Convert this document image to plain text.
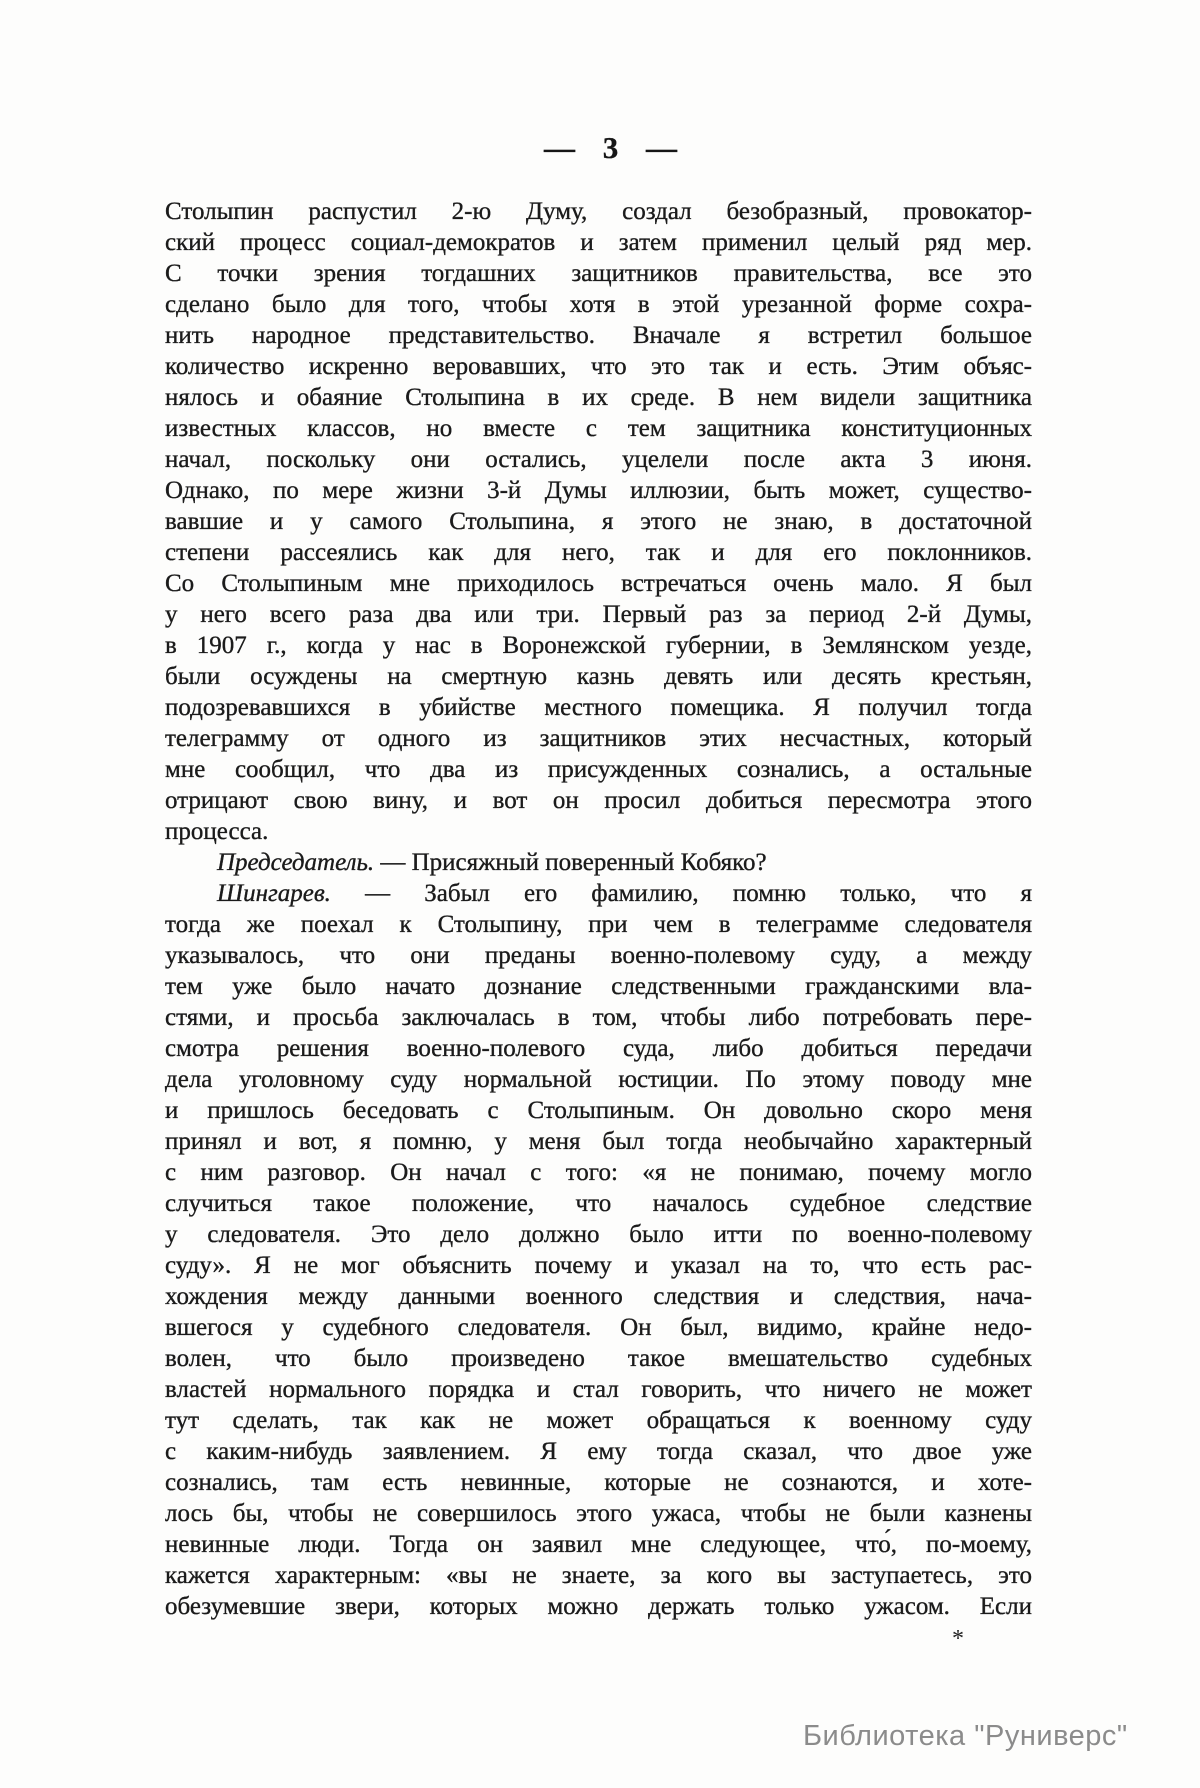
— 3 —
Столыпин распустил 2-ю Думу, создал безобразный, провокатор-
ский процесс социал-демократов и затем применил целый ряд мер.
С точки зрения тогдашних защитников правительства, все это
сделано было для того, чтобы хотя в этой урезанной форме сохра-
нить народное представительство. Вначале я встретил большое
количество искренно веровавших, что это так и есть. Этим объяс-
нялось и обаяние Столыпина в их среде. В нем видели защитника
известных классов, но вместе с тем защитника конституционных
начал, поскольку они остались, уцелели после акта 3 июня.
Однако, по мере жизни 3-й Думы иллюзии, быть может, существо-
вавшие и у самого Столыпина, я этого не знаю, в достаточной
степени рассеялись как для него, так и для его поклонников.
Со Столыпиным мне приходилось встречаться очень мало. Я был
у него всего раза два или три. Первый раз за период 2-й Думы,
в 1907 г., когда у нас в Воронежской губернии, в Землянском уезде,
были осуждены на смертную казнь девять или десять крестьян,
подозревавшихся в убийстве местного помещика. Я получил тогда
телеграмму от одного из защитников этих несчастных, который
мне сообщил, что два из присужденных сознались, а остальные
отрицают свою вину, и вот он просил добиться пересмотра этого
процесса.
Председатель. — Присяжный поверенный Кобяко?
Шингарев. — Забыл его фамилию, помню только, что я
тогда же поехал к Столыпину, при чем в телеграмме следователя
указывалось, что они преданы военно-полевому суду, а между
тем уже было начато дознание следственными гражданскими вла-
стями, и просьба заключалась в том, чтобы либо потребовать пере-
смотра решения военно-полевого суда, либо добиться передачи
дела уголовному суду нормальной юстиции. По этому поводу мне
и пришлось беседовать с Столыпиным. Он довольно скоро меня
принял и вот, я помню, у меня был тогда необычайно характерный
с ним разговор. Он начал с того: «я не понимаю, почему могло
случиться такое положение, что началось судебное следствие
у следователя. Это дело должно было итти по военно-полевому
суду». Я не мог объяснить почему и указал на то, что есть рас-
хождения между данными военного следствия и следствия, нача-
вшегося у судебного следователя. Он был, видимо, крайне недо-
волен, что было произведено такое вмешательство судебных
властей нормального порядка и стал говорить, что ничего не может
тут сделать, так как не может обращаться к военному суду
с каким-нибудь заявлением. Я ему тогда сказал, что двое уже
сознались, там есть невинные, которые не сознаются, и хоте-
лось бы, чтобы не совершилось этого ужаса, чтобы не были казнены
невинные люди. Тогда он заявил мне следующее, что́, по-моему,
кажется характерным: «вы не знаете, за кого вы заступаетесь, это
обезумевшие звери, которых можно держать только ужасом. Если
*
Библиотека "Руниверс"
